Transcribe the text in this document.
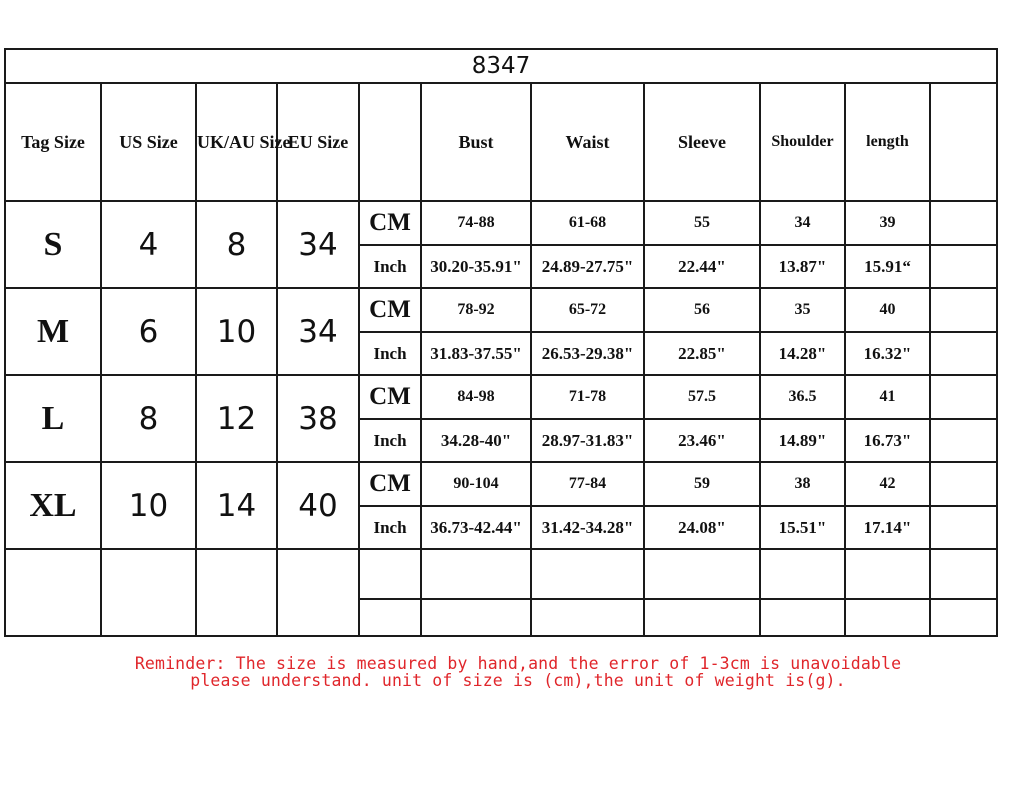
8347										
Tag Size	US Size	UK/AU Size	EU Size		Bust	Waist	Sleeve	Shoulder	length	
S	4	8	34	CM	74-88	61-68	55	34	39	
				Inch	30.20-35.91"	24.89-27.75"	22.44"	13.87"	15.91“	
M	6	10	34	CM	78-92	65-72	56	35	40	
				Inch	31.83-37.55"	26.53-29.38"	22.85"	14.28"	16.32"	
L	8	12	38	CM	84-98	71-78	57.5	36.5	41	
				Inch	34.28-40"	28.97-31.83"	23.46"	14.89"	16.73"	
XL	10	14	40	CM	90-104	77-84	59	38	42	
				Inch	36.73-42.44"	31.42-34.28"	24.08"	15.51"	17.14"	

Reminder: The size is measured by hand,and the error of 1-3cm is unavoidable
please understand. unit of size is (cm),the unit of weight is(g).
